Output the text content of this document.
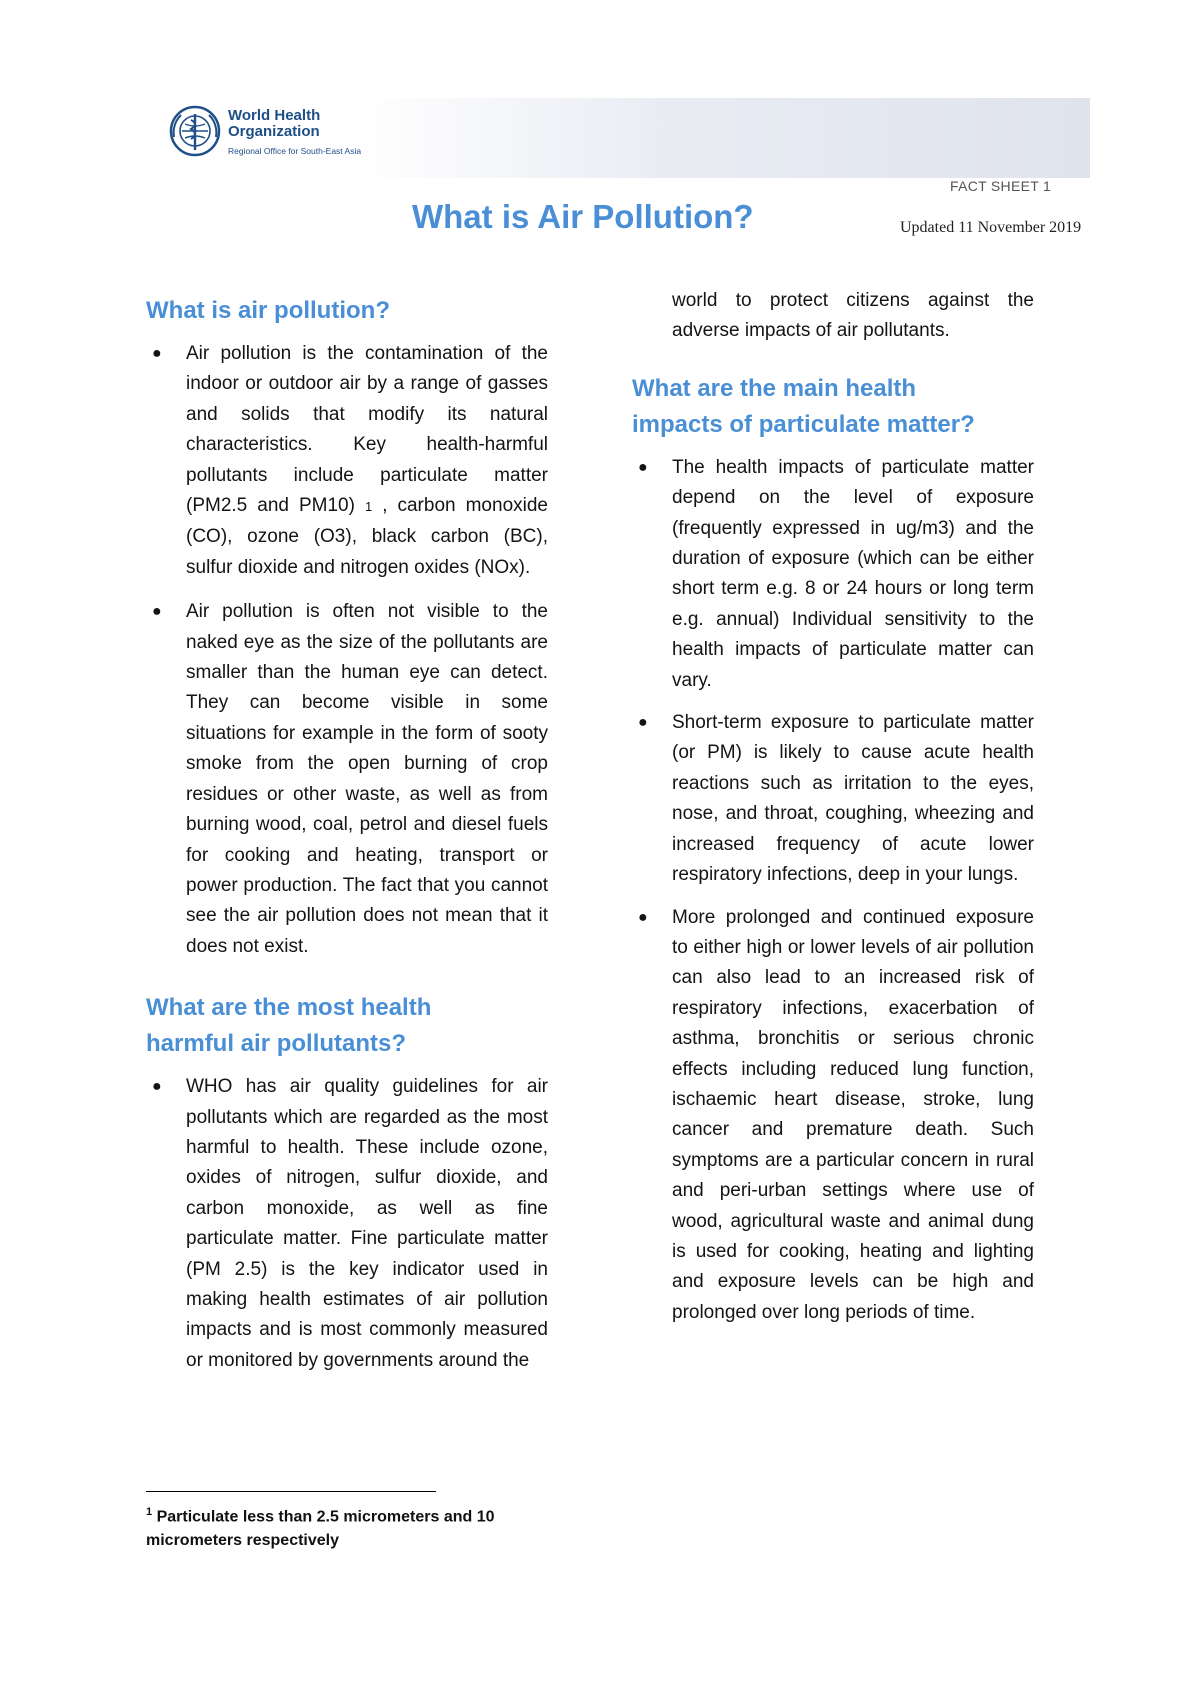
World Health
Organization
Regional Office for South-East Asia
FACT SHEET 1
What is Air Pollution?	Updated 11 November 2019
What is air pollution?
● Air pollution is the contamination of the indoor or outdoor air by a range of gasses and solids that modify its natural characteristics. Key health-harmful pollutants include particulate matter (PM2.5 and PM10) 1 , carbon monoxide (CO), ozone (O3), black carbon (BC), sulfur dioxide and nitrogen oxides (NOx).
● Air pollution is often not visible to the naked eye as the size of the pollutants are smaller than the human eye can detect. They can become visible in some situations for example in the form of sooty smoke from the open burning of crop residues or other waste, as well as from burning wood, coal, petrol and diesel fuels for cooking and heating, transport or power production. The fact that you cannot see the air pollution does not mean that it does not exist.
What are the most health
harmful air pollutants?
● WHO has air quality guidelines for air pollutants which are regarded as the most harmful to health. These include ozone, oxides of nitrogen, sulfur dioxide, and carbon monoxide, as well as fine particulate matter. Fine particulate matter (PM 2.5) is the key indicator used in making health estimates of air pollution impacts and is most commonly measured or monitored by governments around the
world to protect citizens against the adverse impacts of air pollutants.
What are the main health
impacts of particulate matter?
● The health impacts of particulate matter depend on the level of exposure (frequently expressed in ug/m3) and the duration of exposure (which can be either short term e.g. 8 or 24 hours or long term e.g. annual) Individual sensitivity to the health impacts of particulate matter can vary.
● Short-term exposure to particulate matter (or PM) is likely to cause acute health reactions such as irritation to the eyes, nose, and throat, coughing, wheezing and increased frequency of acute lower respiratory infections, deep in your lungs.
● More prolonged and continued exposure to either high or lower levels of air pollution can also lead to an increased risk of respiratory infections, exacerbation of asthma, bronchitis or serious chronic effects including reduced lung function, ischaemic heart disease, stroke, lung cancer and premature death. Such symptoms are a particular concern in rural and peri-urban settings where use of wood, agricultural waste and animal dung is used for cooking, heating and lighting and exposure levels can be high and prolonged over long periods of time.
$^1$ Particulate less than 2.5 micrometers and 10 micrometers respectively
